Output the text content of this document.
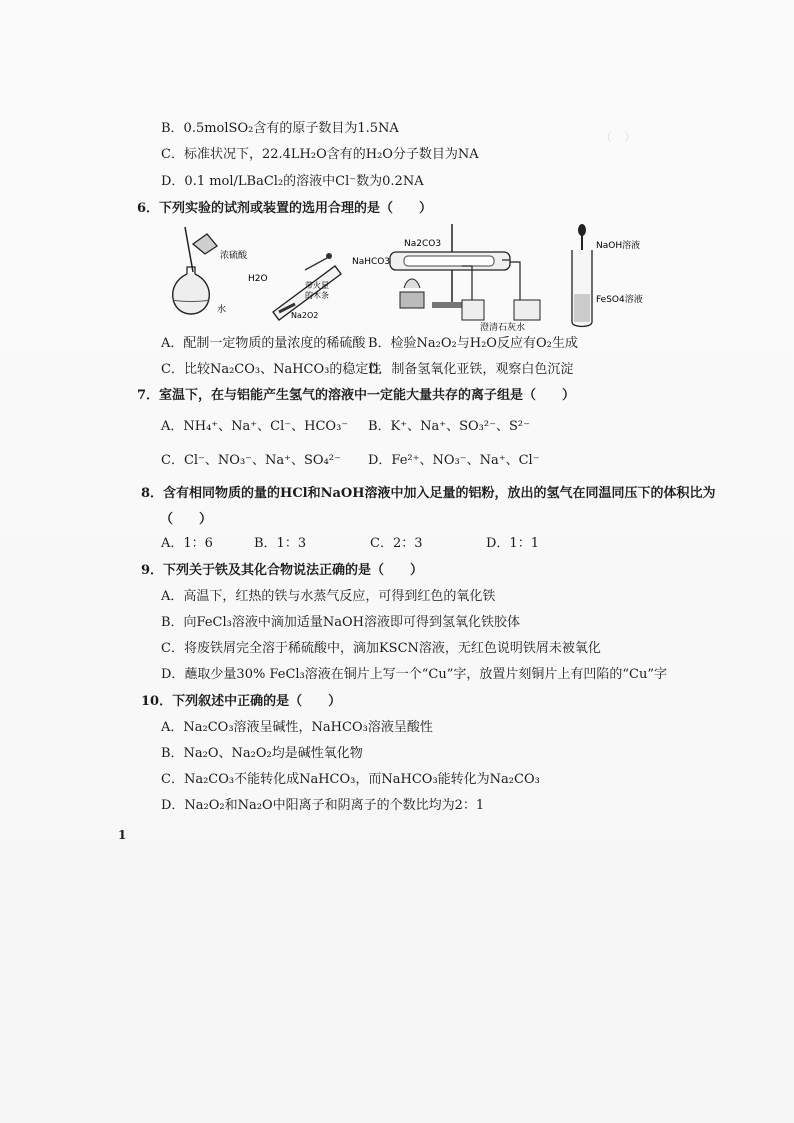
（　）

B．0.5molSO₂含有的原子数目为1.5NA
C．标准状况下，22.4LH₂O含有的H₂O分子数目为NA
D．0.1 mol/LBaCl₂的溶液中Cl⁻数为0.2NA
6．下列实验的试剂或装置的选用合理的是（　　）
浓硫酸
水
H2O
带火星
的木条
Na2O2
Na2CO3
NaHCO3
澄清石灰水
NaOH溶液
FeSO4溶液
A．配制一定物质的量浓度的稀硫酸 B．检验Na₂O₂与H₂O反应有O₂生成
C．比较Na₂CO₃、NaHCO₃的稳定性
D．制备氢氧化亚铁，观察白色沉淀
7．室温下，在与铝能产生氢气的溶液中一定能大量共存的离子组是（　　）
A．NH₄⁺、Na⁺、Cl⁻、HCO₃⁻ B．K⁺、Na⁺、SO₃²⁻、S²⁻
C．Cl⁻、NO₃⁻、Na⁺、SO₄²⁻ D．Fe²⁺、NO₃⁻、Na⁺、Cl⁻
8．含有相同物质的量的HCl和NaOH溶液中加入足量的铝粉，放出的氢气在同温同压下的体积比为
（　　）
A．1：6	B．1：3	C．2：3	D．1：1
9．下列关于铁及其化合物说法正确的是（　　）
A．高温下，红热的铁与水蒸气反应，可得到红色的氧化铁
B．向FeCl₃溶液中滴加适量NaOH溶液即可得到氢氧化铁胶体
C．将废铁屑完全溶于稀硫酸中，滴加KSCN溶液，无红色说明铁屑未被氧化
D．蘸取少量30% FeCl₃溶液在铜片上写一个“Cu”字，放置片刻铜片上有凹陷的“Cu”字
10．下列叙述中正确的是（　　）
A．Na₂CO₃溶液呈碱性，NaHCO₃溶液呈酸性
B．Na₂O、Na₂O₂均是碱性氧化物
C．Na₂CO₃不能转化成NaHCO₃，而NaHCO₃能转化为Na₂CO₃
D．Na₂O₂和Na₂O中阳离子和阴离子的个数比均为2：1
1
